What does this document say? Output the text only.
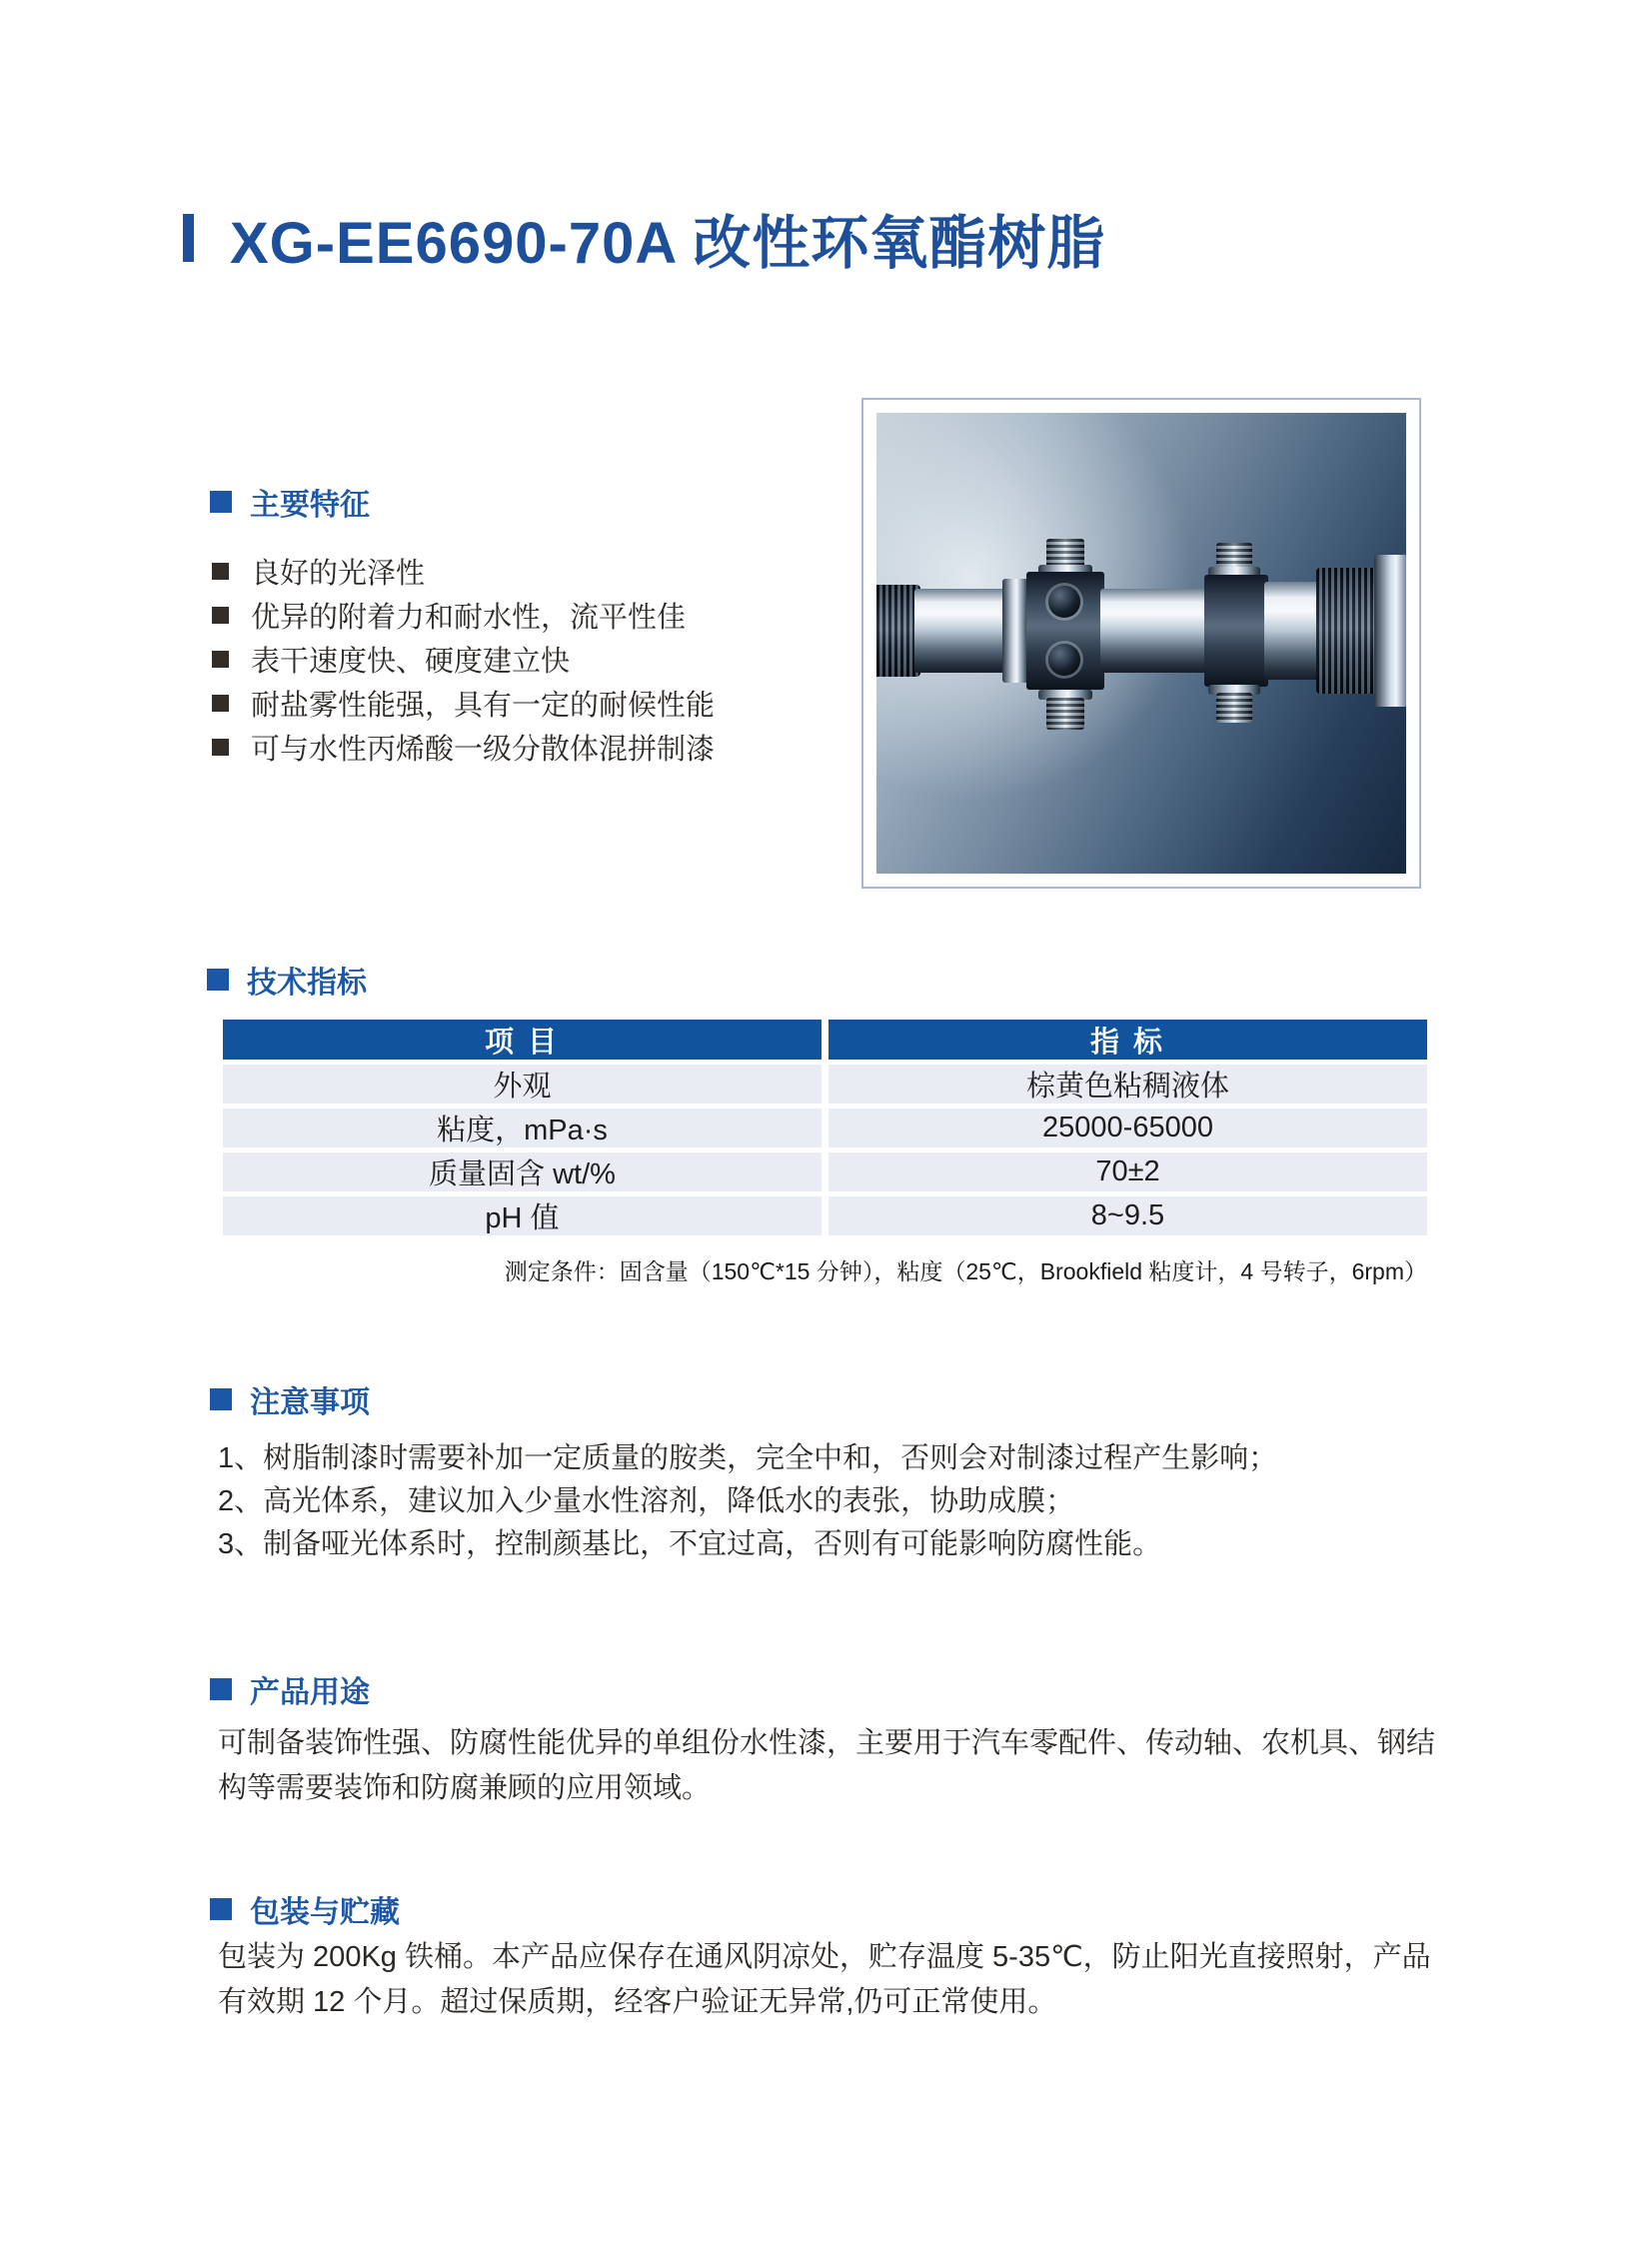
XG-EE6690-70A 改性环氧酯树脂
主要特征
良好的光泽性
优异的附着力和耐水性，流平性佳
表干速度快、硬度建立快
耐盐雾性能强，具有一定的耐候性能
可与水性丙烯酸一级分散体混拼制漆
技术指标
项 目	指 标
外观	棕黄色粘稠液体
粘度，mPa·s	25000-65000
质量固含 wt/%	70±2
pH 值	8~9.5
测定条件：固含量（150℃*15 分钟），粘度（25℃，Brookfield 粘度计，4 号转子，6rpm）
注意事项
1、树脂制漆时需要补加一定质量的胺类，完全中和，否则会对制漆过程产生影响；
2、高光体系，建议加入少量水性溶剂，降低水的表张，协助成膜；
3、制备哑光体系时，控制颜基比，不宜过高，否则有可能影响防腐性能。
产品用途
可制备装饰性强、防腐性能优异的单组份水性漆，主要用于汽车零配件、传动轴、农机具、钢结构等需要装饰和防腐兼顾的应用领域。
包装与贮藏
包装为 200Kg 铁桶。本产品应保存在通风阴凉处，贮存温度 5-35℃，防止阳光直接照射，产品有效期 12 个月。超过保质期，经客户验证无异常,仍可正常使用。
